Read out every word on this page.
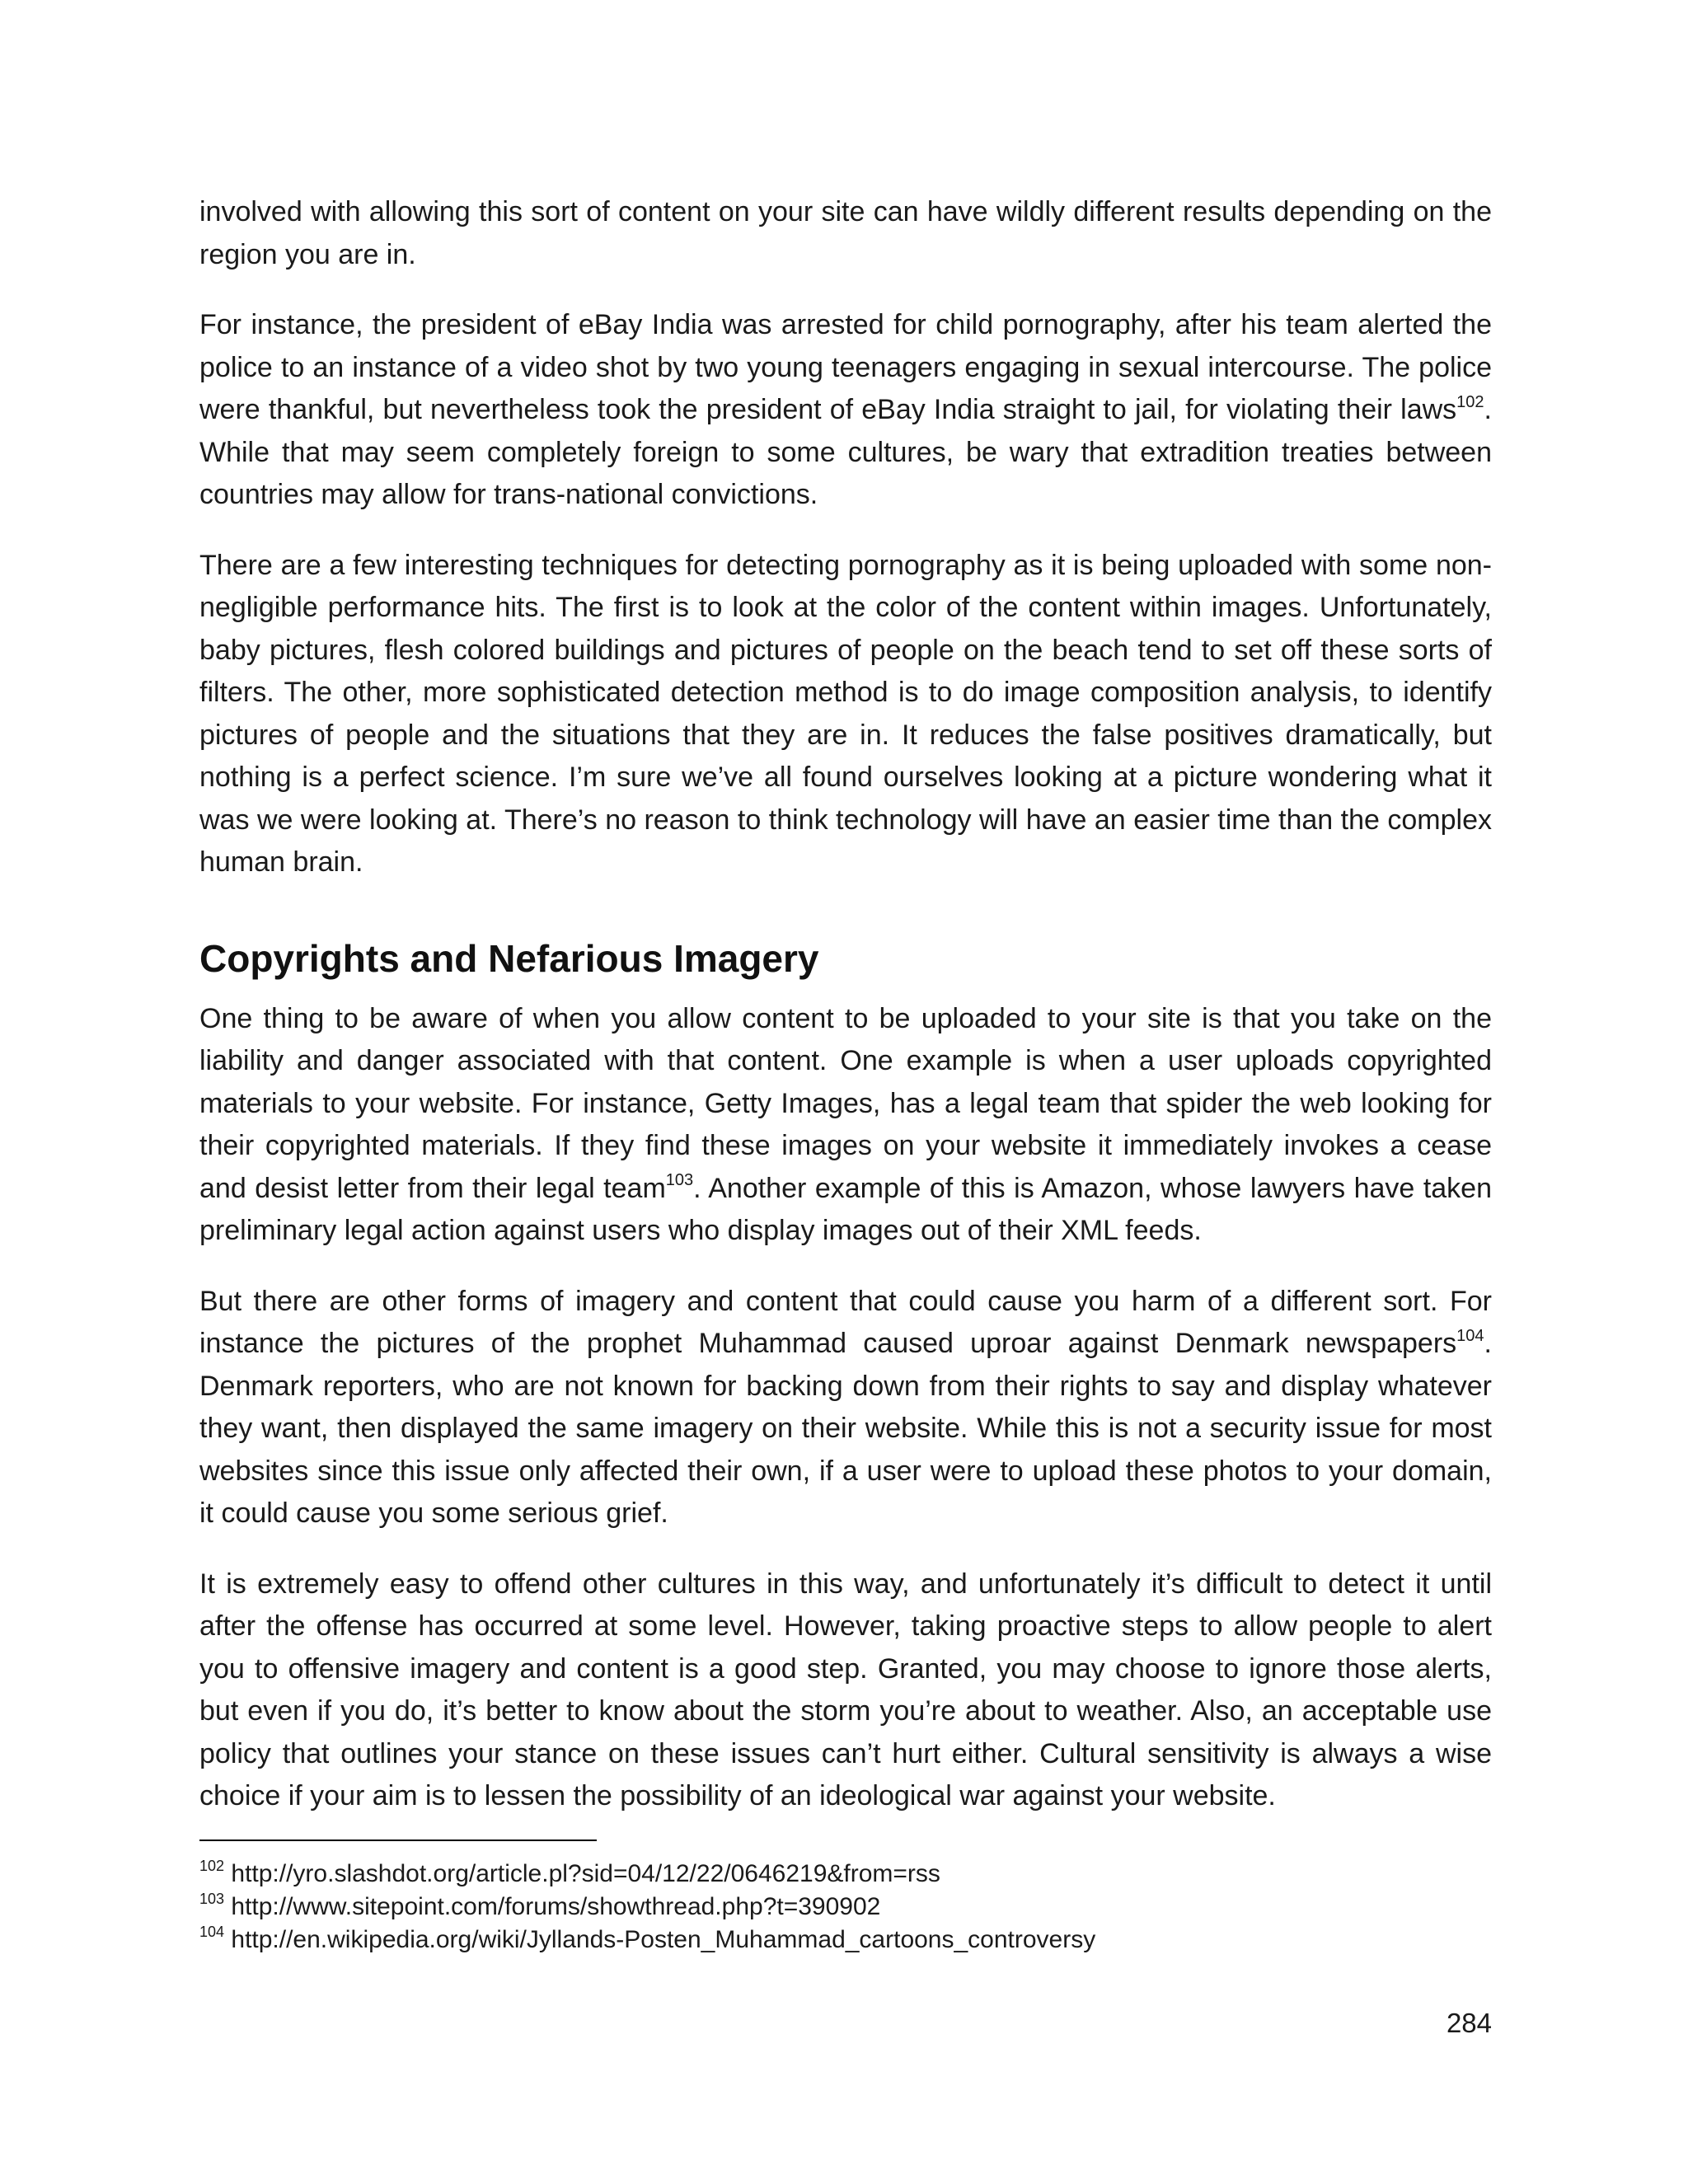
involved with allowing this sort of content on your site can have wildly different results depending on the region you are in.

For instance, the president of eBay India was arrested for child pornography, after his team alerted the police to an instance of a video shot by two young teenagers engaging in sexual intercourse. The police were thankful, but nevertheless took the president of eBay India straight to jail, for violating their laws$^{102}$. While that may seem completely foreign to some cultures, be wary that extradition treaties between countries may allow for trans-national convictions.

There are a few interesting techniques for detecting pornography as it is being uploaded with some non-negligible performance hits. The first is to look at the color of the content within images. Unfortunately, baby pictures, flesh colored buildings and pictures of people on the beach tend to set off these sorts of filters. The other, more sophisticated detection method is to do image composition analysis, to identify pictures of people and the situations that they are in. It reduces the false positives dramatically, but nothing is a perfect science. I’m sure we’ve all found ourselves looking at a picture wondering what it was we were looking at. There’s no reason to think technology will have an easier time than the complex human brain.

Copyrights and Nefarious Imagery

One thing to be aware of when you allow content to be uploaded to your site is that you take on the liability and danger associated with that content. One example is when a user uploads copyrighted materials to your website. For instance, Getty Images, has a legal team that spider the web looking for their copyrighted materials. If they find these images on your website it immediately invokes a cease and desist letter from their legal team$^{103}$. Another example of this is Amazon, whose lawyers have taken preliminary legal action against users who display images out of their XML feeds.

But there are other forms of imagery and content that could cause you harm of a different sort. For instance the pictures of the prophet Muhammad caused uproar against Denmark newspapers$^{104}$. Denmark reporters, who are not known for backing down from their rights to say and display whatever they want, then displayed the same imagery on their website. While this is not a security issue for most websites since this issue only affected their own, if a user were to upload these photos to your domain, it could cause you some serious grief.

It is extremely easy to offend other cultures in this way, and unfortunately it’s difficult to detect it until after the offense has occurred at some level. However, taking proactive steps to allow people to alert you to offensive imagery and content is a good step. Granted, you may choose to ignore those alerts, but even if you do, it’s better to know about the storm you’re about to weather. Also, an acceptable use policy that outlines your stance on these issues can’t hurt either. Cultural sensitivity is always a wise choice if your aim is to lessen the possibility of an ideological war against your website.

$^{102}$ http://yro.slashdot.org/article.pl?sid=04/12/22/0646219&from=rss

$^{103}$ http://www.sitepoint.com/forums/showthread.php?t=390902

$^{104}$ http://en.wikipedia.org/wiki/Jyllands-Posten_Muhammad_cartoons_controversy

284
